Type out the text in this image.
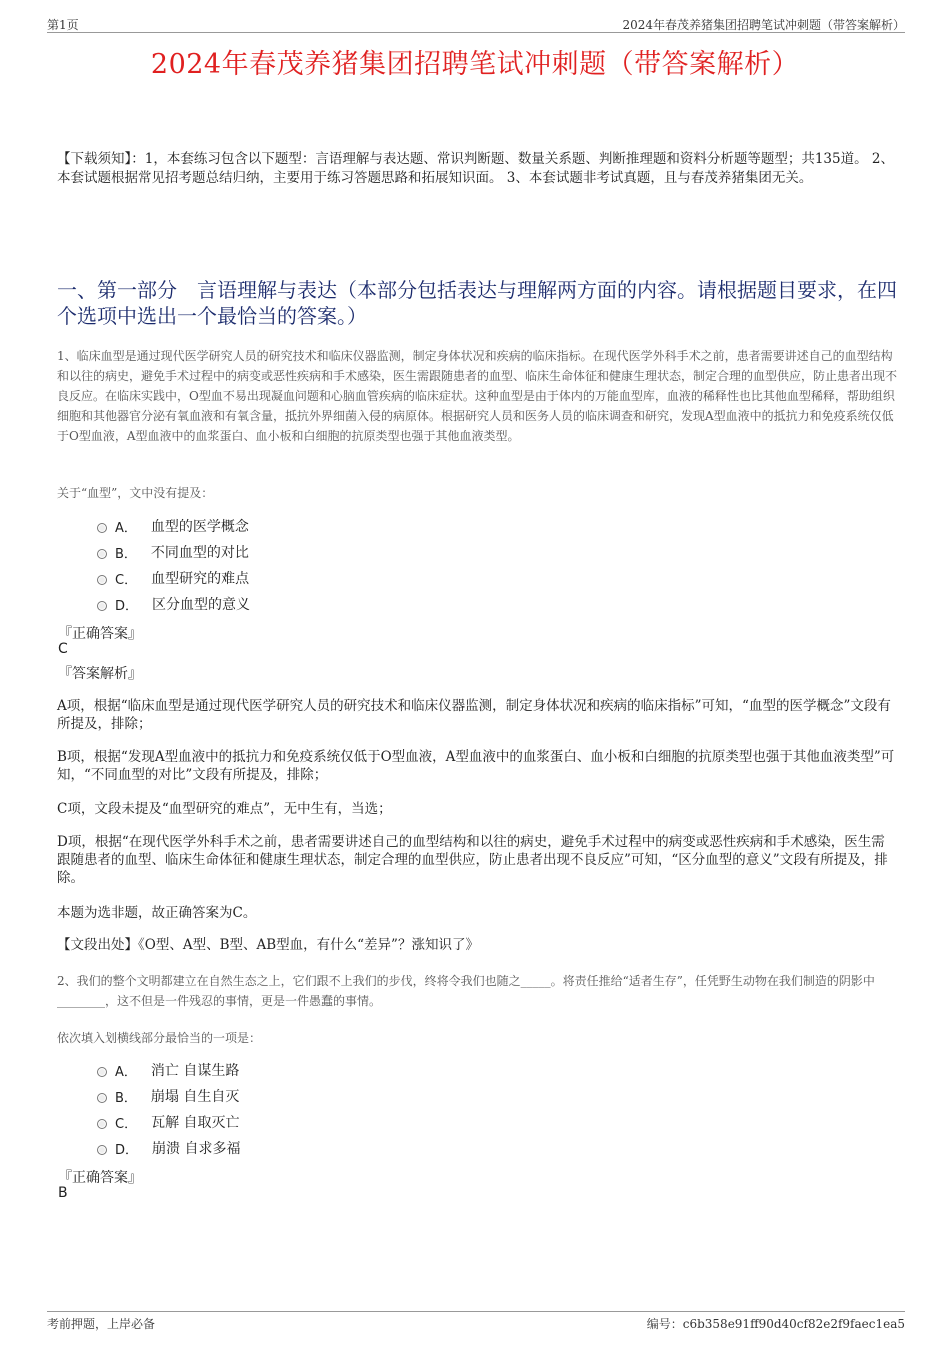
第1页	2024年春茂养猪集团招聘笔试冲刺题（带答案解析）
2024年春茂养猪集团招聘笔试冲刺题（带答案解析）
【下载须知】：1，本套练习包含以下题型：言语理解与表达题、常识判断题、数量关系题、判断推理题和资料分析题等题型；共135道。 2、本套试题根据常见招考题总结归纳，主要用于练习答题思路和拓展知识面。 3、本套试题非考试真题，且与春茂养猪集团无关。
一、第一部分　言语理解与表达（本部分包括表达与理解两方面的内容。请根据题目要求，在四个选项中选出一个最恰当的答案。）
1、临床血型是通过现代医学研究人员的研究技术和临床仪器监测，制定身体状况和疾病的临床指标。在现代医学外科手术之前，患者需要讲述自己的血型结构和以往的病史，避免手术过程中的病变或恶性疾病和手术感染，医生需跟随患者的血型、临床生命体征和健康生理状态，制定合理的血型供应，防止患者出现不良反应。在临床实践中，O型血不易出现凝血问题和心脑血管疾病的临床症状。这种血型是由于体内的万能血型库，血液的稀释性也比其他血型稀释，帮助组织细胞和其他器官分泌有氧血液和有氧含量，抵抗外界细菌入侵的病原体。根据研究人员和医务人员的临床调查和研究，发现A型血液中的抵抗力和免疫系统仅低于O型血液，A型血液中的血浆蛋白、血小板和白细胞的抗原类型也强于其他血液类型。
关于“血型”，文中没有提及：
A． 血型的医学概念
B． 不同血型的对比
C． 血型研究的难点
D． 区分血型的意义
『正确答案』
C
『答案解析』
A项，根据“临床血型是通过现代医学研究人员的研究技术和临床仪器监测，制定身体状况和疾病的临床指标”可知，“血型的医学概念”文段有所提及，排除；
B项，根据“发现A型血液中的抵抗力和免疫系统仅低于O型血液，A型血液中的血浆蛋白、血小板和白细胞的抗原类型也强于其他血液类型”可知，“不同血型的对比”文段有所提及，排除；
C项，文段未提及“血型研究的难点”，无中生有，当选；
D项，根据“在现代医学外科手术之前，患者需要讲述自己的血型结构和以往的病史，避免手术过程中的病变或恶性疾病和手术感染，医生需跟随患者的血型、临床生命体征和健康生理状态，制定合理的血型供应，防止患者出现不良反应”可知，“区分血型的意义”文段有所提及，排除。
本题为选非题，故正确答案为C。
【文段出处】《O型、A型、B型、AB型血，有什么“差异”？涨知识了》
2、我们的整个文明都建立在自然生态之上，它们跟不上我们的步伐，终将令我们也随之_____。将责任推给“适者生存”，任凭野生动物在我们制造的阴影中________，这不但是一件残忍的事情，更是一件愚蠢的事情。
依次填入划横线部分最恰当的一项是：
A． 消亡 自谋生路
B． 崩塌 自生自灭
C． 瓦解 自取灭亡
D． 崩溃 自求多福
『正确答案』
B
考前押题，上岸必备	编号：c6b358e91ff90d40cf82e2f9faec1ea5
